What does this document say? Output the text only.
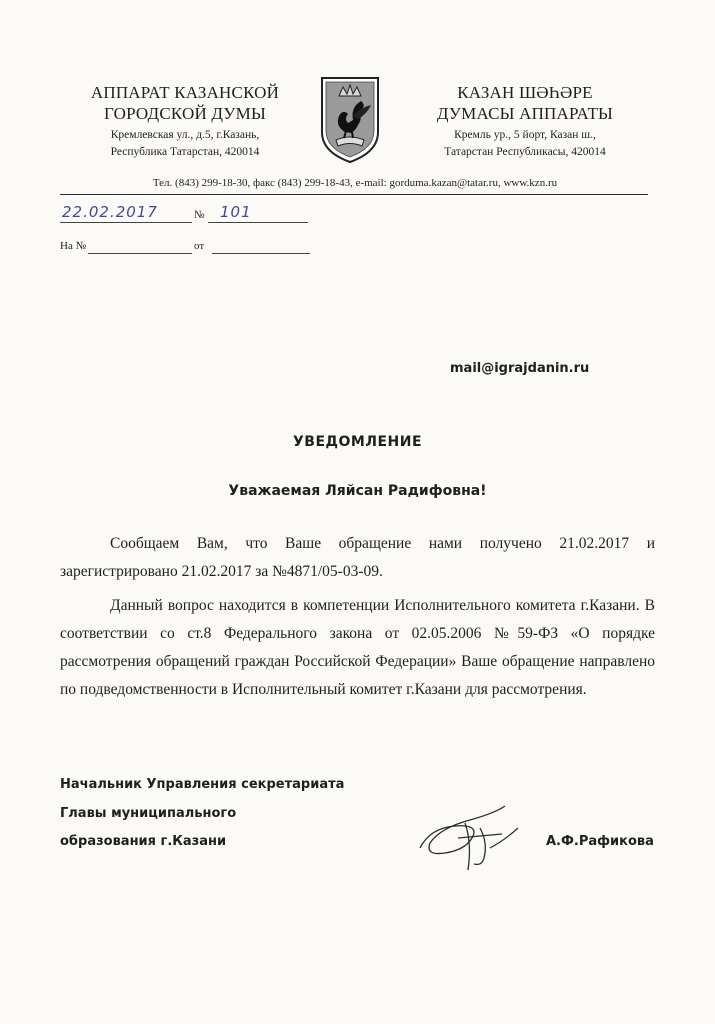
АППАРАТ КАЗАНСКОЙ
ГОРОДСКОЙ ДУМЫ
Кремлевская ул., д.5, г.Казань,
Республика Татарстан, 420014
КАЗАН ШӘҺӘРЕ
ДУМАСЫ АППАРАТЫ
Кремль ур., 5 йорт, Казан ш.,
Татарстан Республикасы, 420014
Тел. (843) 299-18-30, факс (843) 299-18-43, e-mail: gorduma.kazan@tatar.ru, www.kzn.ru
22.02.2017	№ 101
На №	от
mail@igrajdanin.ru
УВЕДОМЛЕНИЕ
Уважаемая Ляйсан Радифовна!

Сообщаем Вам, что Ваше обращение нами получено 21.02.2017 и зарегистрировано 21.02.2017 за №4871/05-03-09.

Данный вопрос находится в компетенции Исполнительного комитета г.Казани. В соответствии со ст.8 Федерального закона от 02.05.2006 №59-ФЗ «О порядке рассмотрения обращений граждан Российской Федерации» Ваше обращение направлено по подведомственности в Исполнительный комитет г.Казани для рассмотрения.

Начальник Управления секретариата
Главы муниципального
образования г.Казани	А.Ф.Рафикова
